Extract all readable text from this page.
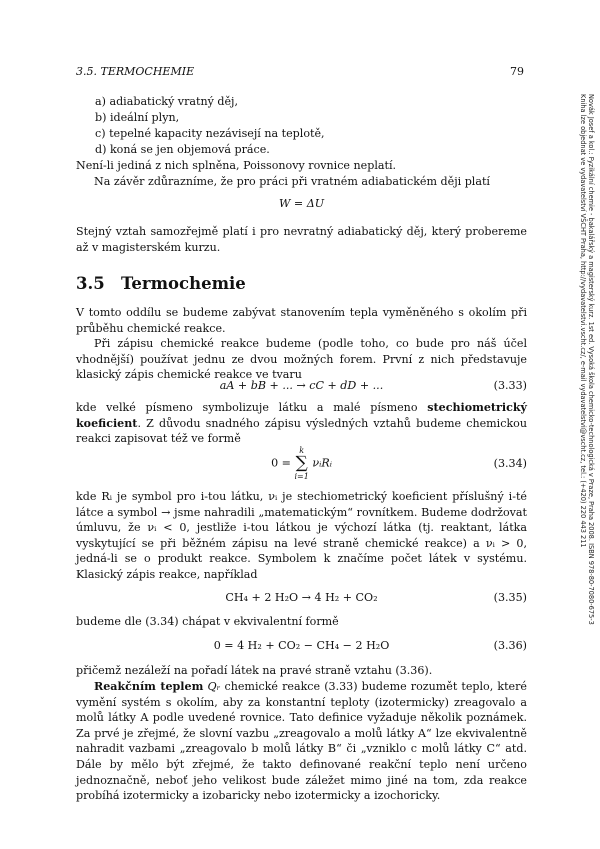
3.5. TERMOCHEMIE	79
Novák Josef a kol.: Fyzikální chemie - bakalářský a magisterský kurz. 1st ed. Vysoká škola chemicko-technologická v Praze, Praha 2008. ISBN 978-80-7080-675-3
Kniha lze objednat ve vydavatelství VŠCHT Praha, http://vydavatelstvi.vscht.cz/, e-mail vydavatelstvi@vscht.cz, tel.: (+420) 220 443 211
a) adiabatický vratný děj,
b) ideální plyn,
c) tepelné kapacity nezávisejí na teplotě,
d) koná se jen objemová práce.
Není-li jediná z nich splněna, Poissonovy rovnice neplatí.
Na závěr zdůrazníme, že pro práci při vratném adiabatickém ději platí
W = ΔU
Stejný vztah samozřejmě platí i pro nevratný adiabatický děj, který probereme až v magisterském kurzu.
3.5 Termochemie
V tomto oddílu se budeme zabývat stanovením tepla vyměněného s okolím při průběhu chemické reakce.
Při zápisu chemické reakce budeme (podle toho, co bude pro náš účel vhodnější) používat jednu ze dvou možných forem. První z nich představuje klasický zápis chemické reakce ve tvaru
aA + bB + ... → cC + dD + ...	(3.33)
kde velké písmeno symbolizuje látku a malé písmeno stechiometrický koeficient. Z důvodu snadného zápisu výsledných vztahů budeme chemickou reakci zapisovat též ve formě
0 =
k
∑
i=1
νᵢRᵢ	(3.34)
kde Rᵢ je symbol pro i-tou látku, νᵢ je stechiometrický koeficient příslušný i-té látce a symbol → jsme nahradili „matematickým“ rovnítkem. Budeme dodržovat úmluvu, že νᵢ < 0, jestliže i-tou látkou je výchozí látka (tj. reaktant, látka vyskytující se při běžném zápisu na levé straně chemické reakce) a νᵢ > 0, jedná-li se o produkt reakce. Symbolem k značíme počet látek v systému. Klasický zápis reakce, například
CH₄ + 2 H₂O → 4 H₂ + CO₂	(3.35)
budeme dle (3.34) chápat v ekvivalentní formě
0 = 4 H₂ + CO₂ − CH₄ − 2 H₂O	(3.36)
přičemž nezáleží na pořadí látek na pravé straně vztahu (3.36).
Reakčním teplem Qᵣ chemické reakce (3.33) budeme rozumět teplo, které vymění systém s okolím, aby za konstantní teploty (izotermicky) zreagovalo a molů látky A podle uvedené rovnice. Tato definice vyžaduje několik poznámek. Za prvé je zřejmé, že slovní vazbu „zreagovalo a molů látky A“ lze ekvivalentně nahradit vazbami „zreagovalo b molů látky B“ či „vzniklo c molů látky C“ atd. Dále by mělo být zřejmé, že takto definované reakční teplo není určeno jednoznačně, neboť jeho velikost bude záležet mimo jiné na tom, zda reakce probíhá izotermicky a izobaricky nebo izotermicky a izochoricky.
